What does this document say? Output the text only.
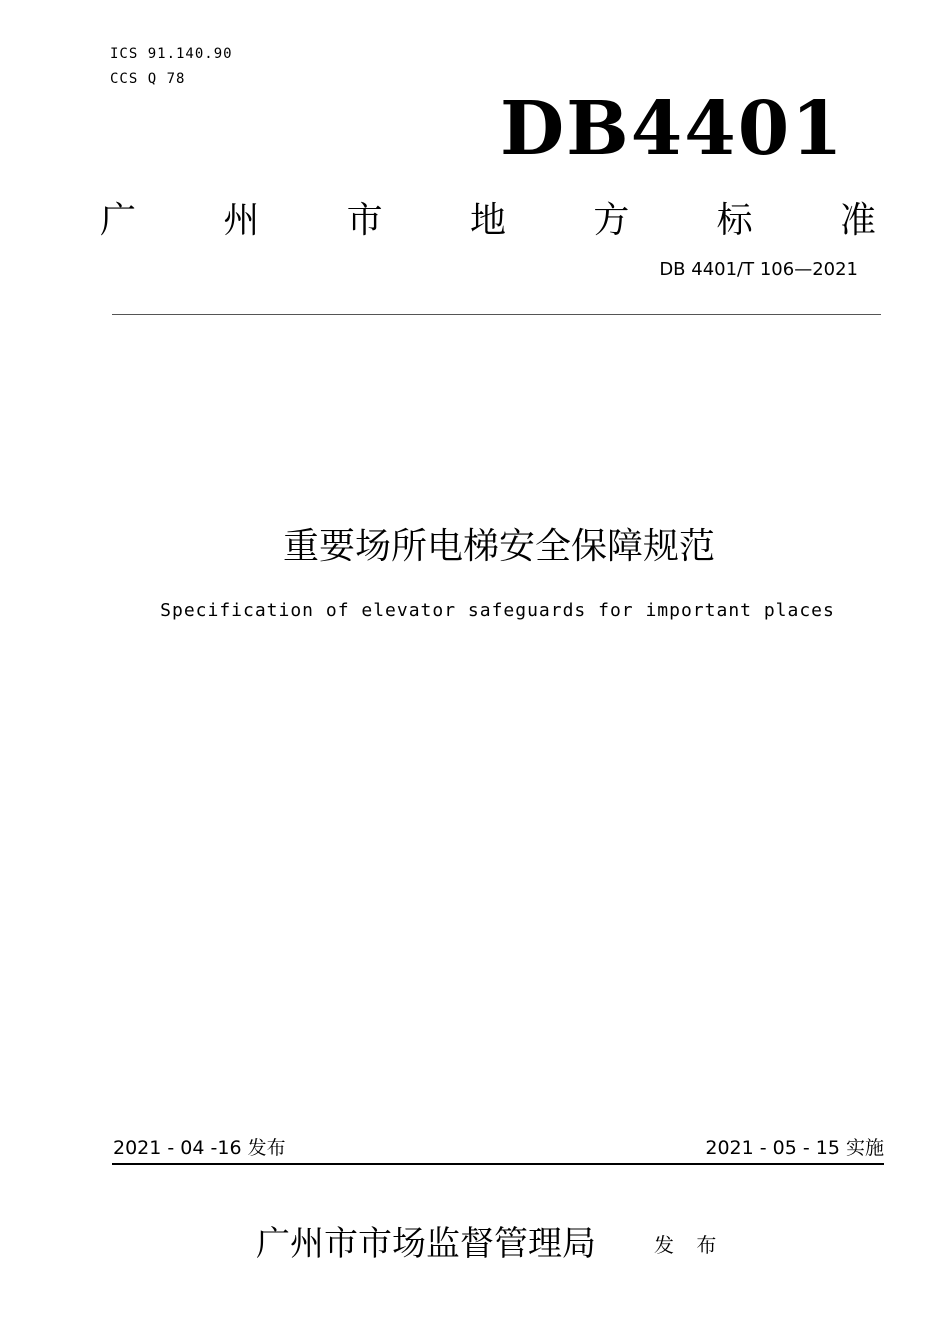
ICS 91.140.90
CCS Q 78
DB4401
广 州 市 地 方 标 准
DB 4401/T 106—2021
重要场所电梯安全保障规范
Specification of elevator safeguards for important places
2021 - 04 -16 发布	2021 - 05 - 15 实施
广州市市场监督管理局	发 布
